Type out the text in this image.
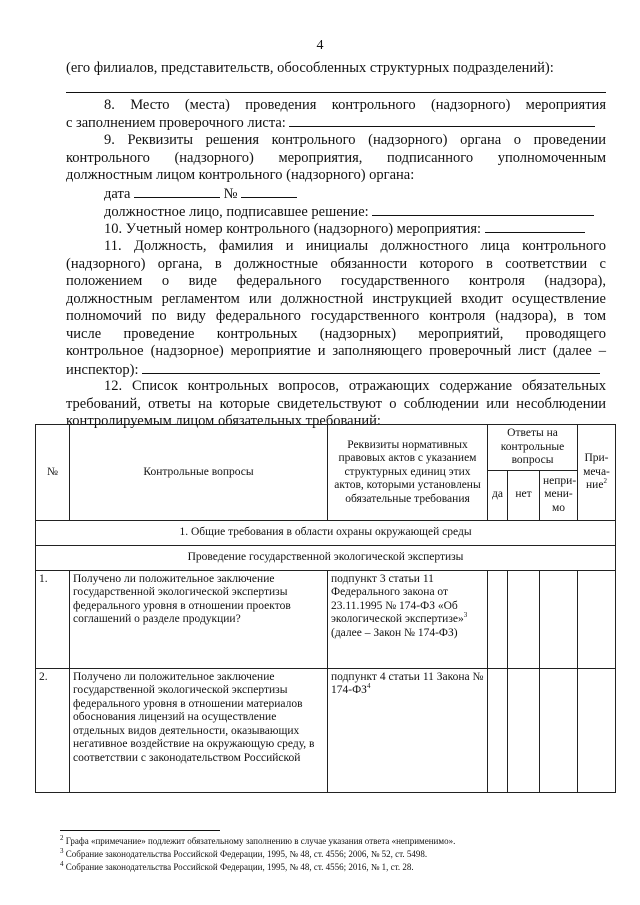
4
(его филиалов, представительств, обособленных структурных подразделений):
8. Место (места) проведения контрольного (надзорного) мероприятия
с заполнением проверочного листа:
9. Реквизиты решения контрольного (надзорного) органа о проведении
контрольного (надзорного) мероприятия, подписанного уполномоченным
должностным лицом контрольного (надзорного) органа:
дата	№
должностное лицо, подписавшее решение:
10. Учетный номер контрольного (надзорного) мероприятия:
11. Должность, фамилия и инициалы должностного лица контрольного
(надзорного) органа, в должностные обязанности которого в соответствии с
положением о виде федерального государственного контроля (надзора),
должностным регламентом или должностной инструкцией входит осуществление
полномочий по виду федерального государственного контроля (надзора), в том
числе проведение контрольных (надзорных) мероприятий, проводящего
контрольное (надзорное) мероприятие и заполняющего проверочный лист (далее –
инспектор):
12. Список контрольных вопросов, отражающих содержание обязательных
требований, ответы на которые свидетельствуют о соблюдении или несоблюдении
контролируемым лицом обязательных требований:
№	Контрольные вопросы	Реквизиты нормативных правовых актов с указанием структурных единиц этих актов, которыми установлены обязательные требования	Ответы на контрольные вопросы			При-меча-ние$^2$
			да	нет	непри-мени-мо	
1. Общие требования в области охраны окружающей среды						
Проведение государственной экологической экспертизы						
1.	Получено ли положительное заключение государственной экологической экспертизы федерального уровня в отношении проектов соглашений о разделе продукции?	подпункт 3 статьи 11 Федерального закона от 23.11.1995 № 174-ФЗ «Об экологической экспертизе»$^3$ (далее – Закон № 174-ФЗ)				
2.	Получено ли положительное заключение государственной экологической экспертизы федерального уровня в отношении материалов обоснования лицензий на осуществление отдельных видов деятельности, оказывающих негативное воздействие на окружающую среду, в соответствии с законодательством Российской	подпункт 4 статьи 11 Закона № $174-ФЗ^4$				
$^2$ Графа «примечание» подлежит обязательному заполнению в случае указания ответа «неприменимо».
$^3$ Собрание законодательства Российской Федерации, 1995, № 48, ст. 4556; 2006, № 52, ст. 5498.
$^4$ Собрание законодательства Российской Федерации, 1995, № 48, ст. 4556; 2016, № 1, ст. 28.
